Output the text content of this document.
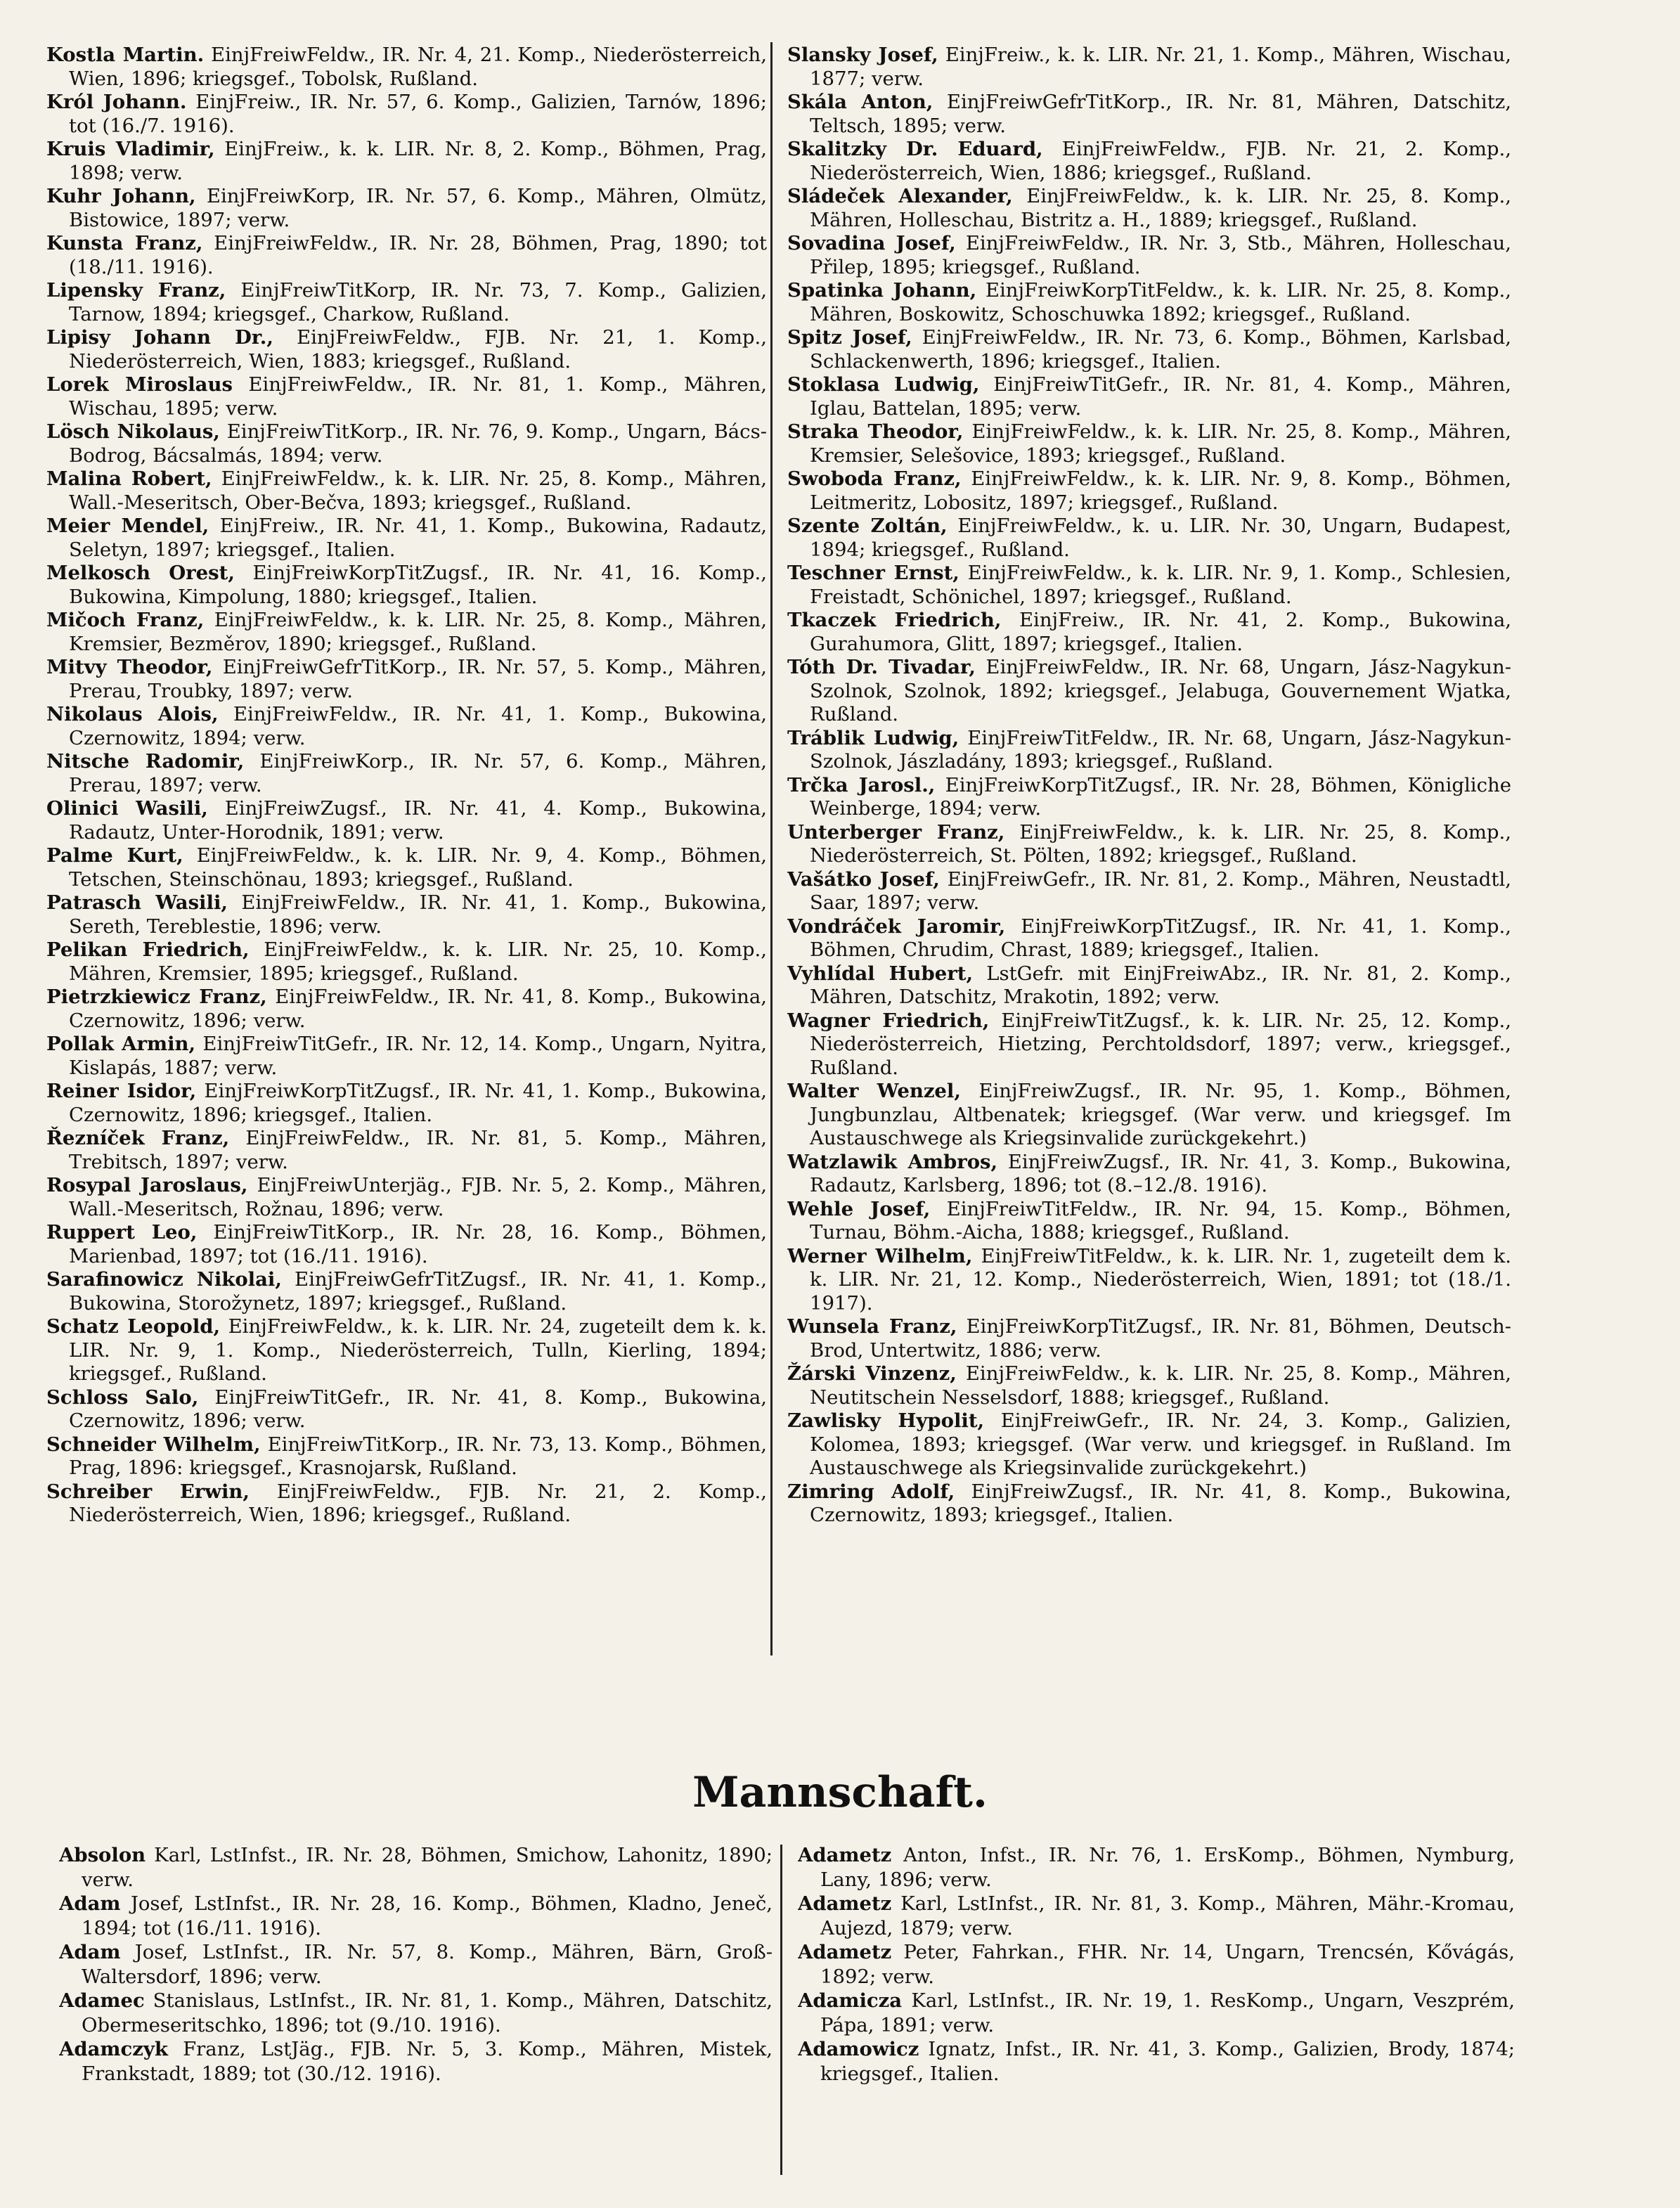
Kostla Martin. EinjFreiwFeldw., IR. Nr. 4, 21. Komp., Niederösterreich, Wien, 1896; kriegsgef., Tobolsk, Rußland.

Król Johann. EinjFreiw., IR. Nr. 57, 6. Komp., Galizien, Tarnów, 1896; tot (16./7. 1916).

Kruis Vladimir, EinjFreiw., k. k. LIR. Nr. 8, 2. Komp., Böhmen, Prag, 1898; verw.

Kuhr Johann, EinjFreiwKorp, IR. Nr. 57, 6. Komp., Mähren, Olmütz, Bistowice, 1897; verw.

Kunsta Franz, EinjFreiwFeldw., IR. Nr. 28, Böhmen, Prag, 1890; tot (18./11. 1916).

Lipensky Franz, EinjFreiwTitKorp, IR. Nr. 73, 7. Komp., Galizien, Tarnow, 1894; kriegsgef., Charkow, Rußland.

Lipisy Johann Dr., EinjFreiwFeldw., FJB. Nr. 21, 1. Komp., Niederösterreich, Wien, 1883; kriegsgef., Rußland.

Lorek Miroslaus EinjFreiwFeldw., IR. Nr. 81, 1. Komp., Mähren, Wischau, 1895; verw.

Lösch Nikolaus, EinjFreiwTitKorp., IR. Nr. 76, 9. Komp., Ungarn, Bács-Bodrog, Bácsalmás, 1894; verw.

Malina Robert, EinjFreiwFeldw., k. k. LIR. Nr. 25, 8. Komp., Mähren, Wall.-Meseritsch, Ober-Bečva, 1893; kriegsgef., Rußland.

Meier Mendel, EinjFreiw., IR. Nr. 41, 1. Komp., Bukowina, Radautz, Seletyn, 1897; kriegsgef., Italien.

Melkosch Orest, EinjFreiwKorpTitZugsf., IR. Nr. 41, 16. Komp., Bukowina, Kimpolung, 1880; kriegsgef., Italien.

Mičoch Franz, EinjFreiwFeldw., k. k. LIR. Nr. 25, 8. Komp., Mähren, Kremsier, Bezměrov, 1890; kriegsgef., Rußland.

Mitvy Theodor, EinjFreiwGefrTitKorp., IR. Nr. 57, 5. Komp., Mähren, Prerau, Troubky, 1897; verw.

Nikolaus Alois, EinjFreiwFeldw., IR. Nr. 41, 1. Komp., Bukowina, Czernowitz, 1894; verw.

Nitsche Radomir, EinjFreiwKorp., IR. Nr. 57, 6. Komp., Mähren, Prerau, 1897; verw.

Olinici Wasili, EinjFreiwZugsf., IR. Nr. 41, 4. Komp., Bukowina, Radautz, Unter-Horodnik, 1891; verw.

Palme Kurt, EinjFreiwFeldw., k. k. LIR. Nr. 9, 4. Komp., Böhmen, Tetschen, Steinschönau, 1893; kriegsgef., Rußland.

Patrasch Wasili, EinjFreiwFeldw., IR. Nr. 41, 1. Komp., Bukowina, Sereth, Tereblestie, 1896; verw.

Pelikan Friedrich, EinjFreiwFeldw., k. k. LIR. Nr. 25, 10. Komp., Mähren, Kremsier, 1895; kriegsgef., Rußland.

Pietrzkiewicz Franz, EinjFreiwFeldw., IR. Nr. 41, 8. Komp., Bukowina, Czernowitz, 1896; verw.

Pollak Armin, EinjFreiwTitGefr., IR. Nr. 12, 14. Komp., Ungarn, Nyitra, Kislapás, 1887; verw.

Reiner Isidor, EinjFreiwKorpTitZugsf., IR. Nr. 41, 1. Komp., Bukowina, Czernowitz, 1896; kriegsgef., Italien.

Řezníček Franz, EinjFreiwFeldw., IR. Nr. 81, 5. Komp., Mähren, Trebitsch, 1897; verw.

Rosypal Jaroslaus, EinjFreiwUnterjäg., FJB. Nr. 5, 2. Komp., Mähren, Wall.-Meseritsch, Rožnau, 1896; verw.

Ruppert Leo, EinjFreiwTitKorp., IR. Nr. 28, 16. Komp., Böhmen, Marienbad, 1897; tot (16./11. 1916).

Sarafinowicz Nikolai, EinjFreiwGefrTitZugsf., IR. Nr. 41, 1. Komp., Bukowina, Storožynetz, 1897; kriegsgef., Rußland.

Schatz Leopold, EinjFreiwFeldw., k. k. LIR. Nr. 24, zugeteilt dem k. k. LIR. Nr. 9, 1. Komp., Niederösterreich, Tulln, Kierling, 1894; kriegsgef., Rußland.

Schloss Salo, EinjFreiwTitGefr., IR. Nr. 41, 8. Komp., Bukowina, Czernowitz, 1896; verw.

Schneider Wilhelm, EinjFreiwTitKorp., IR. Nr. 73, 13. Komp., Böhmen, Prag, 1896: kriegsgef., Krasnojarsk, Rußland.

Schreiber Erwin, EinjFreiwFeldw., FJB. Nr. 21, 2. Komp., Niederösterreich, Wien, 1896; kriegsgef., Rußland.

Slansky Josef, EinjFreiw., k. k. LIR. Nr. 21, 1. Komp., Mähren, Wischau, 1877; verw.

Skála Anton, EinjFreiwGefrTitKorp., IR. Nr. 81, Mähren, Datschitz, Teltsch, 1895; verw.

Skalitzky Dr. Eduard, EinjFreiwFeldw., FJB. Nr. 21, 2. Komp., Niederösterreich, Wien, 1886; kriegsgef., Rußland.

Sládeček Alexander, EinjFreiwFeldw., k. k. LIR. Nr. 25, 8. Komp., Mähren, Holleschau, Bistritz a. H., 1889; kriegsgef., Rußland.

Sovadina Josef, EinjFreiwFeldw., IR. Nr. 3, Stb., Mähren, Holleschau, Přilep, 1895; kriegsgef., Rußland.

Spatinka Johann, EinjFreiwKorpTitFeldw., k. k. LIR. Nr. 25, 8. Komp., Mähren, Boskowitz, Schoschuwka 1892; kriegsgef., Rußland.

Spitz Josef, EinjFreiwFeldw., IR. Nr. 73, 6. Komp., Böhmen, Karlsbad, Schlackenwerth, 1896; kriegsgef., Italien.

Stoklasa Ludwig, EinjFreiwTitGefr., IR. Nr. 81, 4. Komp., Mähren, Iglau, Battelan, 1895; verw.

Straka Theodor, EinjFreiwFeldw., k. k. LIR. Nr. 25, 8. Komp., Mähren, Kremsier, Selešovice, 1893; kriegsgef., Rußland.

Swoboda Franz, EinjFreiwFeldw., k. k. LIR. Nr. 9, 8. Komp., Böhmen, Leitmeritz, Lobositz, 1897; kriegsgef., Rußland.

Szente Zoltán, EinjFreiwFeldw., k. u. LIR. Nr. 30, Ungarn, Budapest, 1894; kriegsgef., Rußland.

Teschner Ernst, EinjFreiwFeldw., k. k. LIR. Nr. 9, 1. Komp., Schlesien, Freistadt, Schönichel, 1897; kriegsgef., Rußland.

Tkaczek Friedrich, EinjFreiw., IR. Nr. 41, 2. Komp., Bukowina, Gurahumora, Glitt, 1897; kriegsgef., Italien.

Tóth Dr. Tivadar, EinjFreiwFeldw., IR. Nr. 68, Ungarn, Jász-Nagykun-Szolnok, Szolnok, 1892; kriegsgef., Jelabuga, Gouvernement Wjatka, Rußland.

Tráblik Ludwig, EinjFreiwTitFeldw., IR. Nr. 68, Ungarn, Jász-Nagykun-Szolnok, Jászladány, 1893; kriegsgef., Rußland.

Trčka Jarosl., EinjFreiwKorpTitZugsf., IR. Nr. 28, Böhmen, Königliche Weinberge, 1894; verw.

Unterberger Franz, EinjFreiwFeldw., k. k. LIR. Nr. 25, 8. Komp., Niederösterreich, St. Pölten, 1892; kriegsgef., Rußland.

Vašátko Josef, EinjFreiwGefr., IR. Nr. 81, 2. Komp., Mähren, Neustadtl, Saar, 1897; verw.

Vondráček Jaromir, EinjFreiwKorpTitZugsf., IR. Nr. 41, 1. Komp., Böhmen, Chrudim, Chrast, 1889; kriegsgef., Italien.

Vyhlídal Hubert, LstGefr. mit EinjFreiwAbz., IR. Nr. 81, 2. Komp., Mähren, Datschitz, Mrakotin, 1892; verw.

Wagner Friedrich, EinjFreiwTitZugsf., k. k. LIR. Nr. 25, 12. Komp., Niederösterreich, Hietzing, Perchtoldsdorf, 1897; verw., kriegsgef., Rußland.

Walter Wenzel, EinjFreiwZugsf., IR. Nr. 95, 1. Komp., Böhmen, Jungbunzlau, Altbenatek; kriegsgef. (War verw. und kriegsgef. Im Austauschwege als Kriegsinvalide zurückgekehrt.)

Watzlawik Ambros, EinjFreiwZugsf., IR. Nr. 41, 3. Komp., Bukowina, Radautz, Karlsberg, 1896; tot (8.–12./8. 1916).

Wehle Josef, EinjFreiwTitFeldw., IR. Nr. 94, 15. Komp., Böhmen, Turnau, Böhm.-Aicha, 1888; kriegsgef., Rußland.

Werner Wilhelm, EinjFreiwTitFeldw., k. k. LIR. Nr. 1, zugeteilt dem k. k. LIR. Nr. 21, 12. Komp., Niederösterreich, Wien, 1891; tot (18./1. 1917).

Wunsela Franz, EinjFreiwKorpTitZugsf., IR. Nr. 81, Böhmen, Deutsch-Brod, Untertwitz, 1886; verw.

Žárski Vinzenz, EinjFreiwFeldw., k. k. LIR. Nr. 25, 8. Komp., Mähren, Neutitschein Nesselsdorf, 1888; kriegsgef., Rußland.

Zawlisky Hypolit, EinjFreiwGefr., IR. Nr. 24, 3. Komp., Galizien, Kolomea, 1893; kriegsgef. (War verw. und kriegsgef. in Rußland. Im Austauschwege als Kriegsinvalide zurückgekehrt.)

Zimring Adolf, EinjFreiwZugsf., IR. Nr. 41, 8. Komp., Bukowina, Czernowitz, 1893; kriegsgef., Italien.

Mannschaft.

Absolon Karl, LstInfst., IR. Nr. 28, Böhmen, Smichow, Lahonitz, 1890; verw.

Adam Josef, LstInfst., IR. Nr. 28, 16. Komp., Böhmen, Kladno, Jeneč, 1894; tot (16./11. 1916).

Adam Josef, LstInfst., IR. Nr. 57, 8. Komp., Mähren, Bärn, Groß-Waltersdorf, 1896; verw.

Adamec Stanislaus, LstInfst., IR. Nr. 81, 1. Komp., Mähren, Datschitz, Obermeseritschko, 1896; tot (9./10. 1916).

Adamczyk Franz, LstJäg., FJB. Nr. 5, 3. Komp., Mähren, Mistek, Frankstadt, 1889; tot (30./12. 1916).

Adametz Anton, Infst., IR. Nr. 76, 1. ErsKomp., Böhmen, Nymburg, Lany, 1896; verw.

Adametz Karl, LstInfst., IR. Nr. 81, 3. Komp., Mähren, Mähr.-Kromau, Aujezd, 1879; verw.

Adametz Peter, Fahrkan., FHR. Nr. 14, Ungarn, Trencsén, Kővágás, 1892; verw.

Adamicza Karl, LstInfst., IR. Nr. 19, 1. ResKomp., Ungarn, Veszprém, Pápa, 1891; verw.

Adamowicz Ignatz, Infst., IR. Nr. 41, 3. Komp., Galizien, Brody, 1874; kriegsgef., Italien.
